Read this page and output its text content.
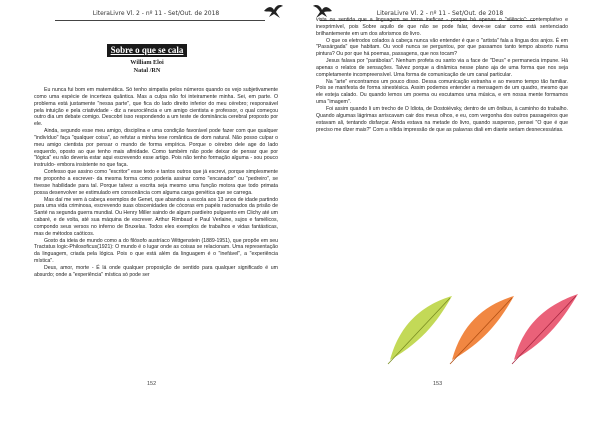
LiteraLivre Vl. 2 - nº 11 - Set/Out. de 2018
Sobre o que se cala
William Eloi
Natal /RN

Eu nunca fui bom em matemática. Só tenho simpatia pelos números quando os vejo subjetivamente como uma espécie de incerteza quântica. Mas a culpa não foi inteiramente minha. Sei, em parte. O problema está justamente "nessa parte", que fica do lado direito inferior do meu cérebro; responsável pela intuição e pela criatividade - diz a neurociência e um amigo cientista e professor, o qual começou outro dia um debate comigo. Descobri isso respondendo a um teste de dominância cerebral proposto por ele.

Ainda, segundo esse meu amigo, disciplina e uma condição favorável pode fazer com que qualquer "indivíduo" faça "qualquer coisa", ao refutar a minha tese romântica de dom natural. Não posso culpar o meu amigo cientista por pensar o mundo de forma empírica. Porque o cérebro dele age do lado esquerdo, oposto ao que tenho mais afinidade. Como também não pode deixar de pensar que por "lógica" eu não deveria estar aqui escrevendo esse artigo. Pois não tenho formação alguma - sou pouco instruído- embora insistente no que faça.

Confesso que assino como "escritor" esse texto e tantos outros que já escrevi, porque simplesmente me proponho a escrever- da mesma forma como poderia assinar como "encanador" ou "pedreiro", se tivesse habilidade para tal. Porque talvez a escrita seja mesmo uma função motora que todo primata possa desenvolver se estimulado em consonância com alguma carga genética que se carrega.

Mas daí me vem à cabeça exemplos de Genet, que abandou a escola aos 13 anos de idade partindo para uma vida criminosa, escrevendo suas obscenidades de cócoras em papéis racionados da prisão de Santé na segunda guerra mundial. Ou Henry Miller saindo de algum pardieiro pulguento em Clichy até um cabaré, e de volta, até sua máquina de escrever. Arthur Rimbaud e Paul Verlaine, sujos e famélicos, compondo seus versos no inferno de Bruxelas. Todos eles exemplos de trabalhos e vidas fantásticas, mas de métodos caóticos.

Gosto da ideia de mundo como a do filósofo austríaco Wittgenstein (1889-1951), que propõe em seu Tractatus logic-Philosoficus(1921): O mundo é o lugar onde as coisas se relacionam. Uma representação da linguagem, criada pela lógica. Pois o que está além da linguagem é o "inefável", a "experiência mística".

Deus, amor, morte - É lá onde qualquer proposição de sentido para qualquer significado é um absurdo; onde a "experiência" mística só pode ser

152
LiteraLivre Vl. 2 - nº 11 - Set/Out. de 2018

vista ou sentida que a linguagem se torna ineficaz - porque há apenas o "silêncio": contemplativo e inexprimível, pois Sobre aquilo de que não se pode falar, deve-se calar como está sentenciado brilhantemente em um dos aforismos do livro.

O que os eletrodos colados à cabeça nunca vão entender é que o "artista" fala a língua dos anjos. É em "Passárgada" que habitam. Ou você nunca se perguntou, por que passamos tanto tempo absorto numa pintura? Ou por que há poemas, passagens, que nos tocam?

Jesus falava por "parábolas". Nenhum profeta ou santo via a face de "Deus" e permanecia impune. Há apenas o relatos de sensações. Talvez porque a dinâmica nesse plano aja de uma forma que nos seja completamente incompreensível. Uma forma de comunicação de um canal particular.

Na "arte" encontramos um pouco disso. Dessa comunicação estranha e ao mesmo tempo tão familiar. Pois se manifesta de forma sinestésica. Assim podemos entender a mensagem de um quadro, mesmo que ele esteja calado. Ou quando lemos um poema ou escutamos uma música, e em nossa mente formamos uma "imagem".

Foi assim quando li um trecho de O Idiota, de Dostoiévsky, dentro de um ônibus, à caminho do trabalho. Quando algumas lágrimas arriscavam cair dos meus olhos, e eu, com vergonha dos outros passageiros que estavam ali, tentando disfarçar. Ainda estava na metade do livro, quando suspenso, pensei "O que é que preciso me dizer mais?" Com a nítida impressão de que as palavras diali em diante seriam desnecessárias.

153
